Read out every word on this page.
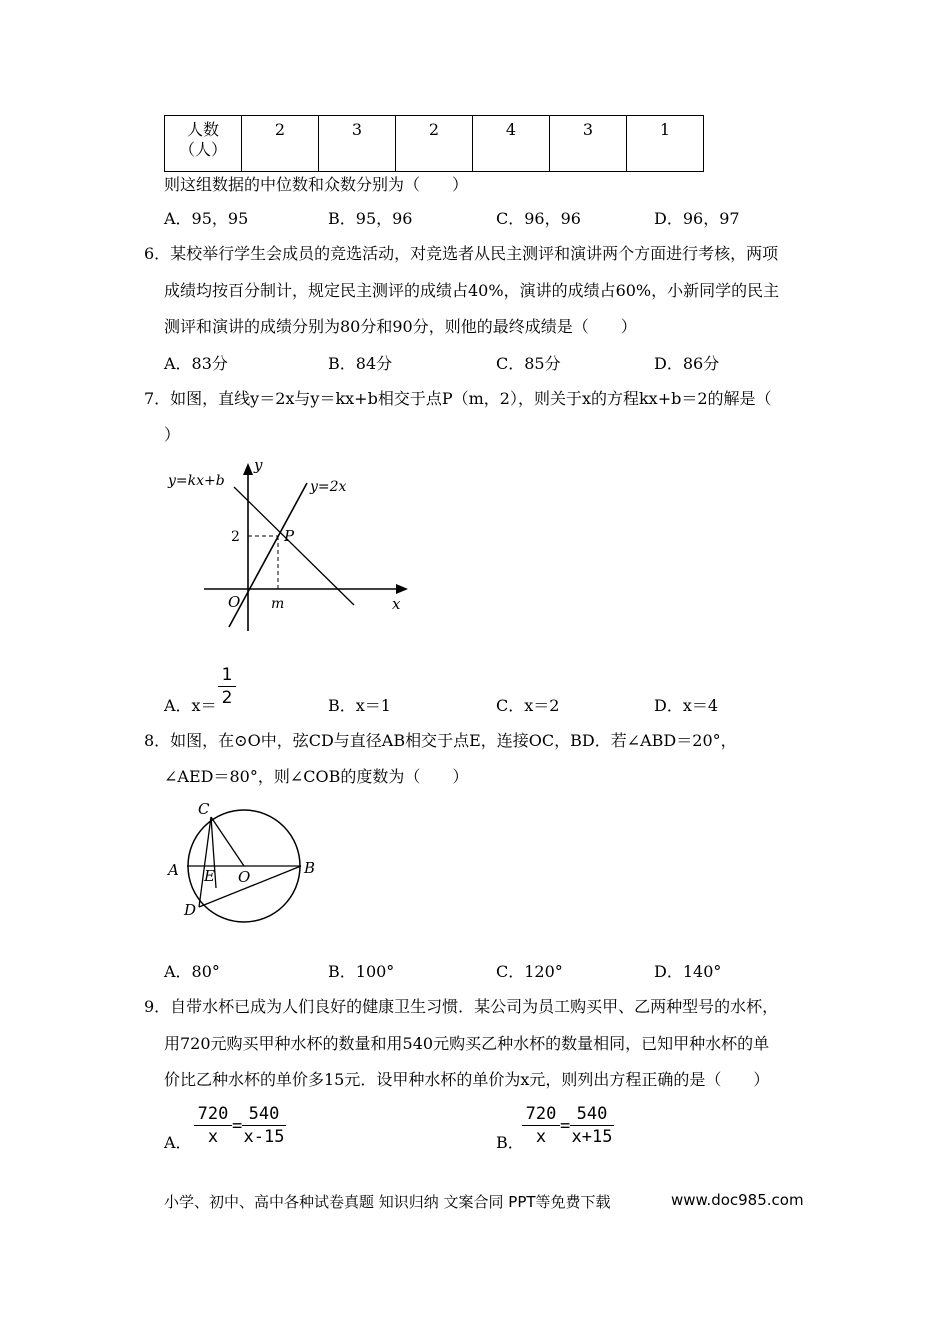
人数
（人）	2	3	2	4	3	1
则这组数据的中位数和众数分别为（　　）
A．95，95	B．95，96	C．96，96	D．96，97
6．某校举行学生会成员的竞选活动，对竞选者从民主测评和演讲两个方面进行考核，两项
成绩均按百分制计，规定民主测评的成绩占40%，演讲的成绩占60%，小新同学的民主
测评和演讲的成绩分别为80分和90分，则他的最终成绩是（　　）
A．83分	B．84分	C．85分	D．86分
7．如图，直线y＝2x与y＝kx+b相交于点P（m，2），则关于x的方程kx+b＝2的解是（
）
y=kx+b	y=2x
y
x
O m
2	P
A．x＝
1
2	B．x＝1	C．x＝2	D．x＝4
8．如图，在⊙O中，弦CD与直径AB相交于点E，连接OC，BD．若∠ABD＝20°，
∠AED＝80°，则∠COB的度数为（　　）
C
A	B
E O
D
A．80°	B．100°	C．120°	D．140°
9．自带水杯已成为人们良好的健康卫生习惯．某公司为员工购买甲、乙两种型号的水杯，
用720元购买甲种水杯的数量和用540元购买乙种水杯的数量相同，已知甲种水杯的单
价比乙种水杯的单价多15元．设甲种水杯的单价为x元，则列出方程正确的是（　　）
A．
720
x
=
540
x-15	B．
720
x
=
540
x+15
小学、初中、高中各种试卷真题 知识归纳 文案合同 PPT等免费下载	www.doc985.com
